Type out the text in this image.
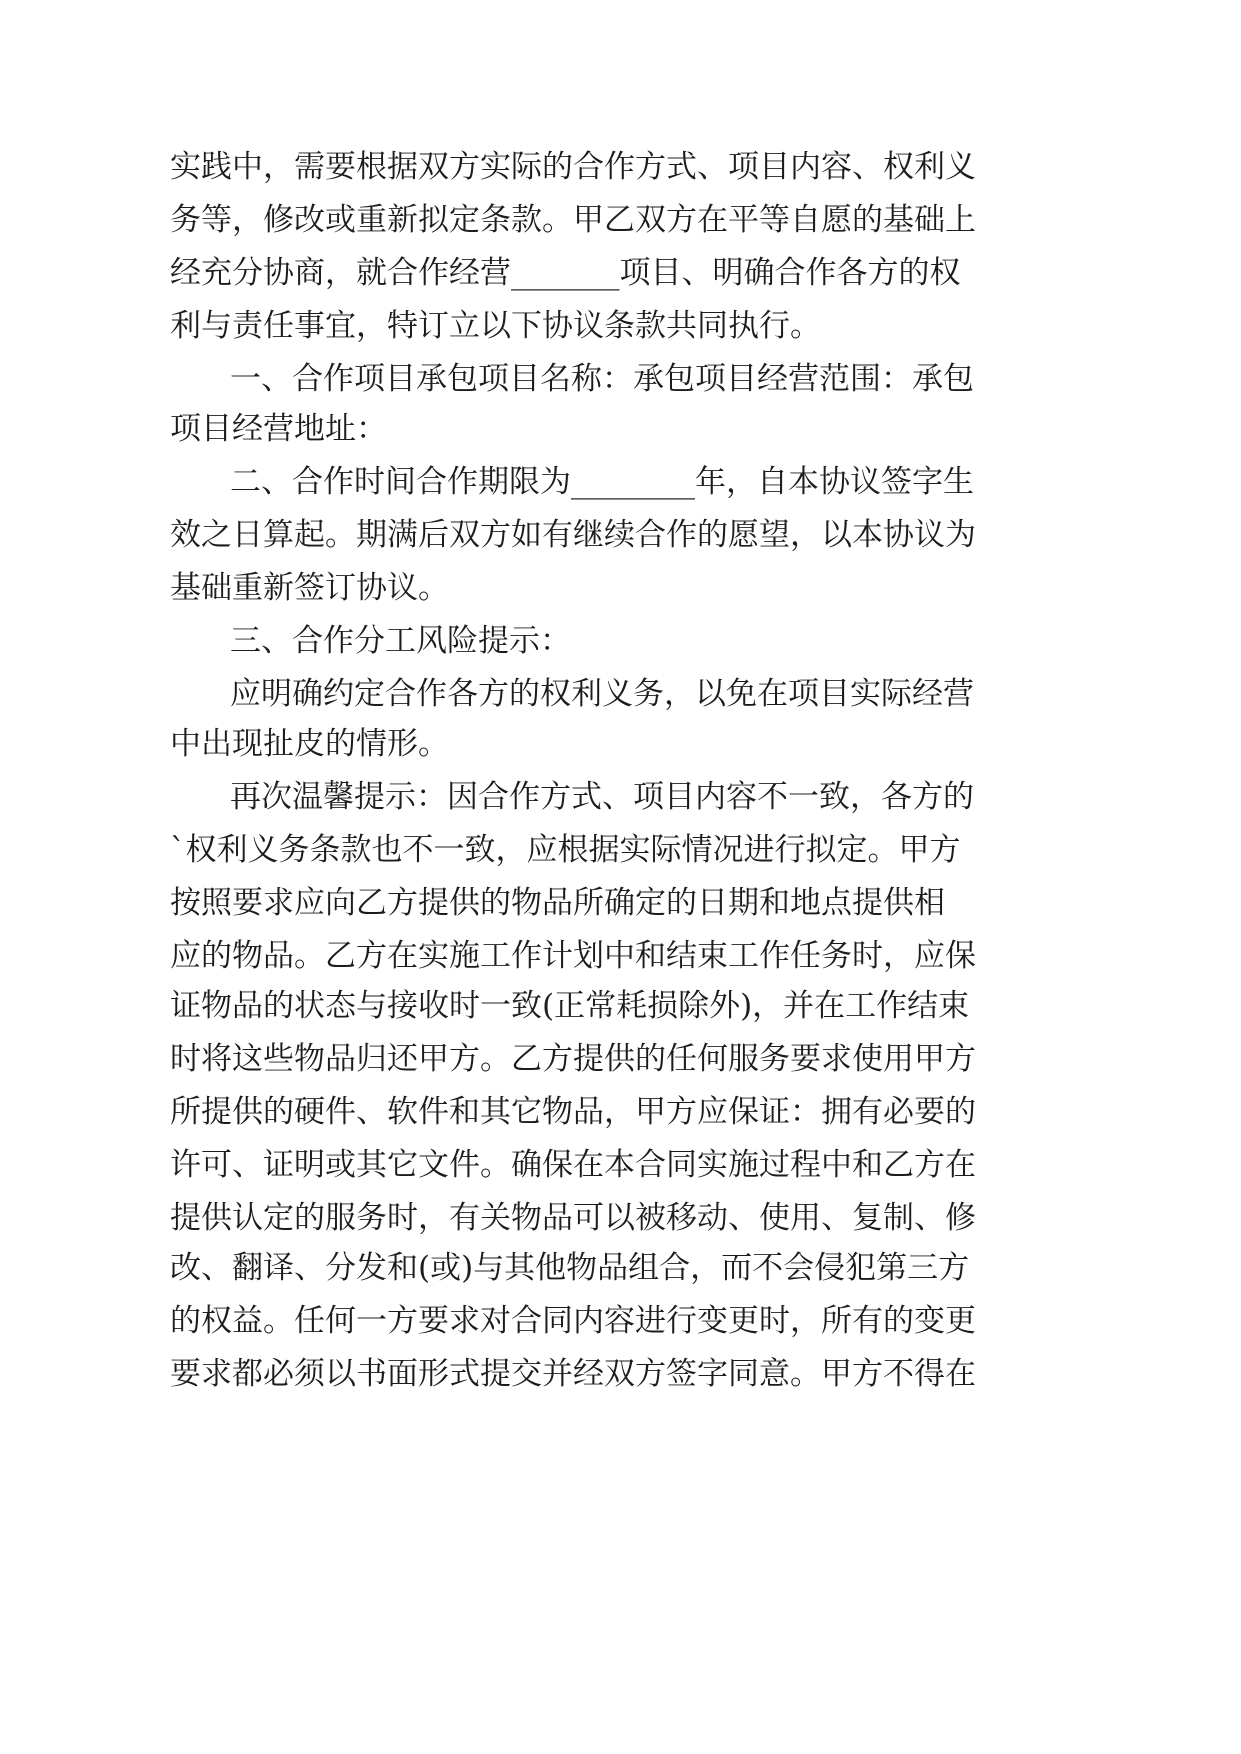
实践中，需要根据双方实际的合作方式、项目内容、权利义

务等，修改或重新拟定条款。甲乙双方在平等自愿的基础上

经充分协商，就合作经营_______项目、明确合作各方的权

利与责任事宜，特订立以下协议条款共同执行。

一、合作项目承包项目名称：承包项目经营范围：承包

项目经营地址：

二、合作时间合作期限为________年，自本协议签字生

效之日算起。期满后双方如有继续合作的愿望，以本协议为

基础重新签订协议。

三、合作分工风险提示：

应明确约定合作各方的权利义务，以免在项目实际经营

中出现扯皮的情形。

再次温馨提示：因合作方式、项目内容不一致，各方的

`权利义务条款也不一致，应根据实际情况进行拟定。甲方

按照要求应向乙方提供的物品所确定的日期和地点提供相

应的物品。乙方在实施工作计划中和结束工作任务时，应保

证物品的状态与接收时一致(正常耗损除外)，并在工作结束

时将这些物品归还甲方。乙方提供的任何服务要求使用甲方

所提供的硬件、软件和其它物品，甲方应保证：拥有必要的

许可、证明或其它文件。确保在本合同实施过程中和乙方在

提供认定的服务时，有关物品可以被移动、使用、复制、修

改、翻译、分发和(或)与其他物品组合，而不会侵犯第三方

的权益。任何一方要求对合同内容进行变更时，所有的变更

要求都必须以书面形式提交并经双方签字同意。甲方不得在
